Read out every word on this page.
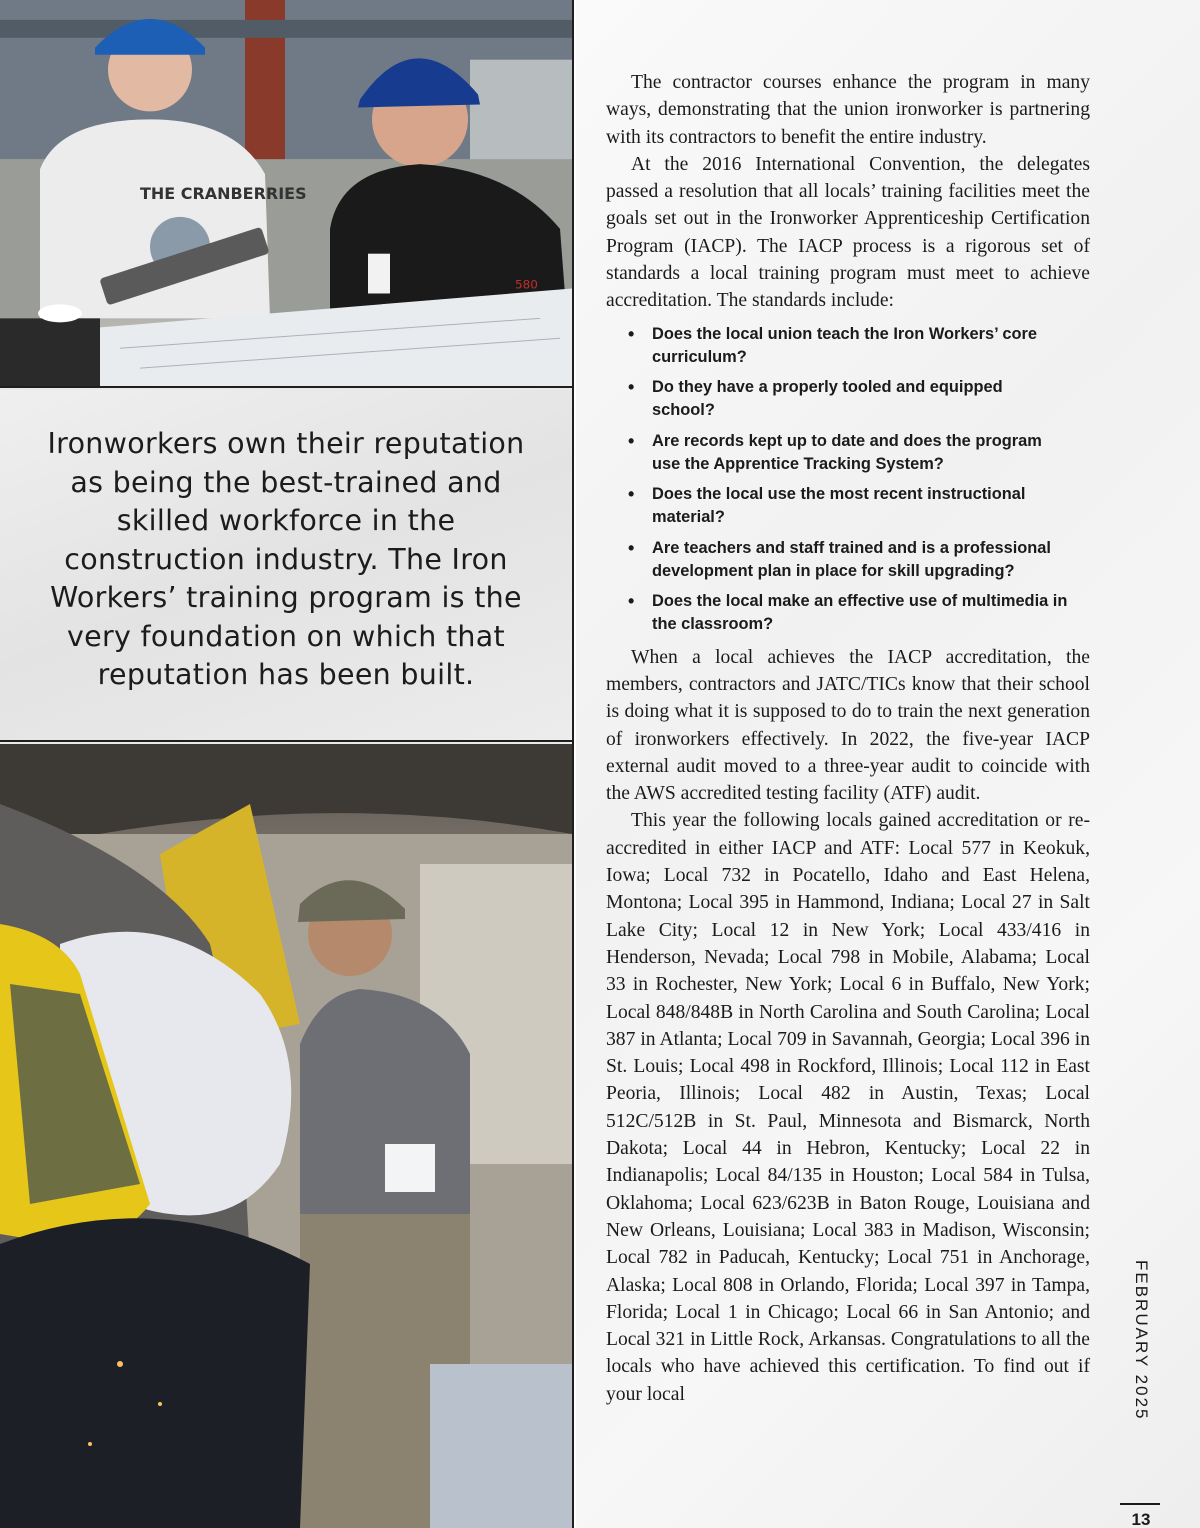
THE CRANBERRIES
580

Ironworkers own their reputation as being the best-trained and skilled workforce in the construction industry. The Iron Workers’ training program is the very foundation on which that reputation has been built.

The contractor courses enhance the program in many ways, demonstrating that the union ironworker is partnering with its contractors to benefit the entire industry.

At the 2016 International Convention, the delegates passed a resolution that all locals’ training facilities meet the goals set out in the Ironworker Apprenticeship Certification Program (IACP). The IACP process is a rigorous set of standards a local training program must meet to achieve accreditation. The standards include:

• Does the local union teach the Iron Workers’ core curriculum?
• Do they have a properly tooled and equipped school?
• Are records kept up to date and does the program use the Apprentice Tracking System?
• Does the local use the most recent instructional material?
• Are teachers and staff trained and is a professional development plan in place for skill upgrading?
• Does the local make an effective use of multimedia in the classroom?

When a local achieves the IACP accreditation, the members, contractors and JATC/TICs know that their school is doing what it is supposed to do to train the next generation of ironworkers effectively. In 2022, the five-year IACP external audit moved to a three-year audit to coincide with the AWS accredited testing facility (ATF) audit.

This year the following locals gained accreditation or re-accredited in either IACP and ATF: Local 577 in Keokuk, Iowa; Local 732 in Pocatello, Idaho and East Helena, Montona; Local 395 in Hammond, Indiana; Local 27 in Salt Lake City; Local 12 in New York; Local 433/416 in Henderson, Nevada; Local 798 in Mobile, Alabama; Local 33 in Rochester, New York; Local 6 in Buffalo, New York; Local 848/848B in North Carolina and South Carolina; Local 387 in Atlanta; Local 709 in Savannah, Georgia; Local 396 in St. Louis; Local 498 in Rockford, Illinois; Local 112 in East Peoria, Illinois; Local 482 in Austin, Texas; Local 512C/512B in St. Paul, Minnesota and Bismarck, North Dakota; Local 44 in Hebron, Kentucky; Local 22 in Indianapolis; Local 84/135 in Houston; Local 584 in Tulsa, Oklahoma; Local 623/623B in Baton Rouge, Louisiana and New Orleans, Louisiana; Local 383 in Madison, Wisconsin; Local 782 in Paducah, Kentucky; Local 751 in Anchorage, Alaska; Local 808 in Orlando, Florida; Local 397 in Tampa, Florida; Local 1 in Chicago; Local 66 in San Antonio; and Local 321 in Little Rock, Arkansas. Congratulations to all the locals who have achieved this certification. To find out if your local	FEBRUARY 2025
13
